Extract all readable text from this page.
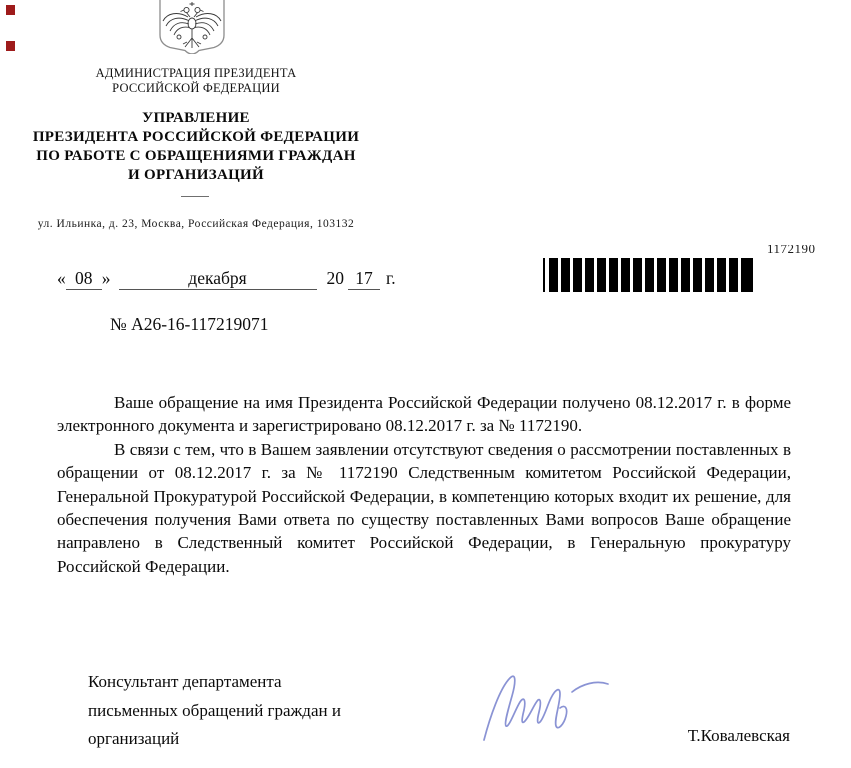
АДМИНИСТРАЦИЯ ПРЕЗИДЕНТА
РОССИЙСКОЙ ФЕДЕРАЦИИ
УПРАВЛЕНИЕ
ПРЕЗИДЕНТА РОССИЙСКОЙ ФЕДЕРАЦИИ
ПО РАБОТЕ С ОБРАЩЕНИЯМИ ГРАЖДАН
И ОРГАНИЗАЦИЙ
ул. Ильинка, д. 23, Москва, Российская Федерация, 103132
« 08 »	декабря	20 17 г.
№ А26-16-117219071
1172190

Ваше обращение на имя Президента Российской Федерации получено 08.12.2017 г. в форме электронного документа и зарегистрировано 08.12.2017 г. за № 1172190.

В связи с тем, что в Вашем заявлении отсутствуют сведения о рассмотрении поставленных в обращении от 08.12.2017 г. за № 1172190 Следственным комитетом Российской Федерации, Генеральной Прокуратурой Российской Федерации, в компетенцию которых входит их решение, для обеспечения получения Вами ответа по существу поставленных Вами вопросов Ваше обращение направлено в Следственный комитет Российской Федерации, в Генеральную прокуратуру Российской Федерации.

Консультант департамента
письменных обращений граждан и
организаций	Т.Ковалевская
